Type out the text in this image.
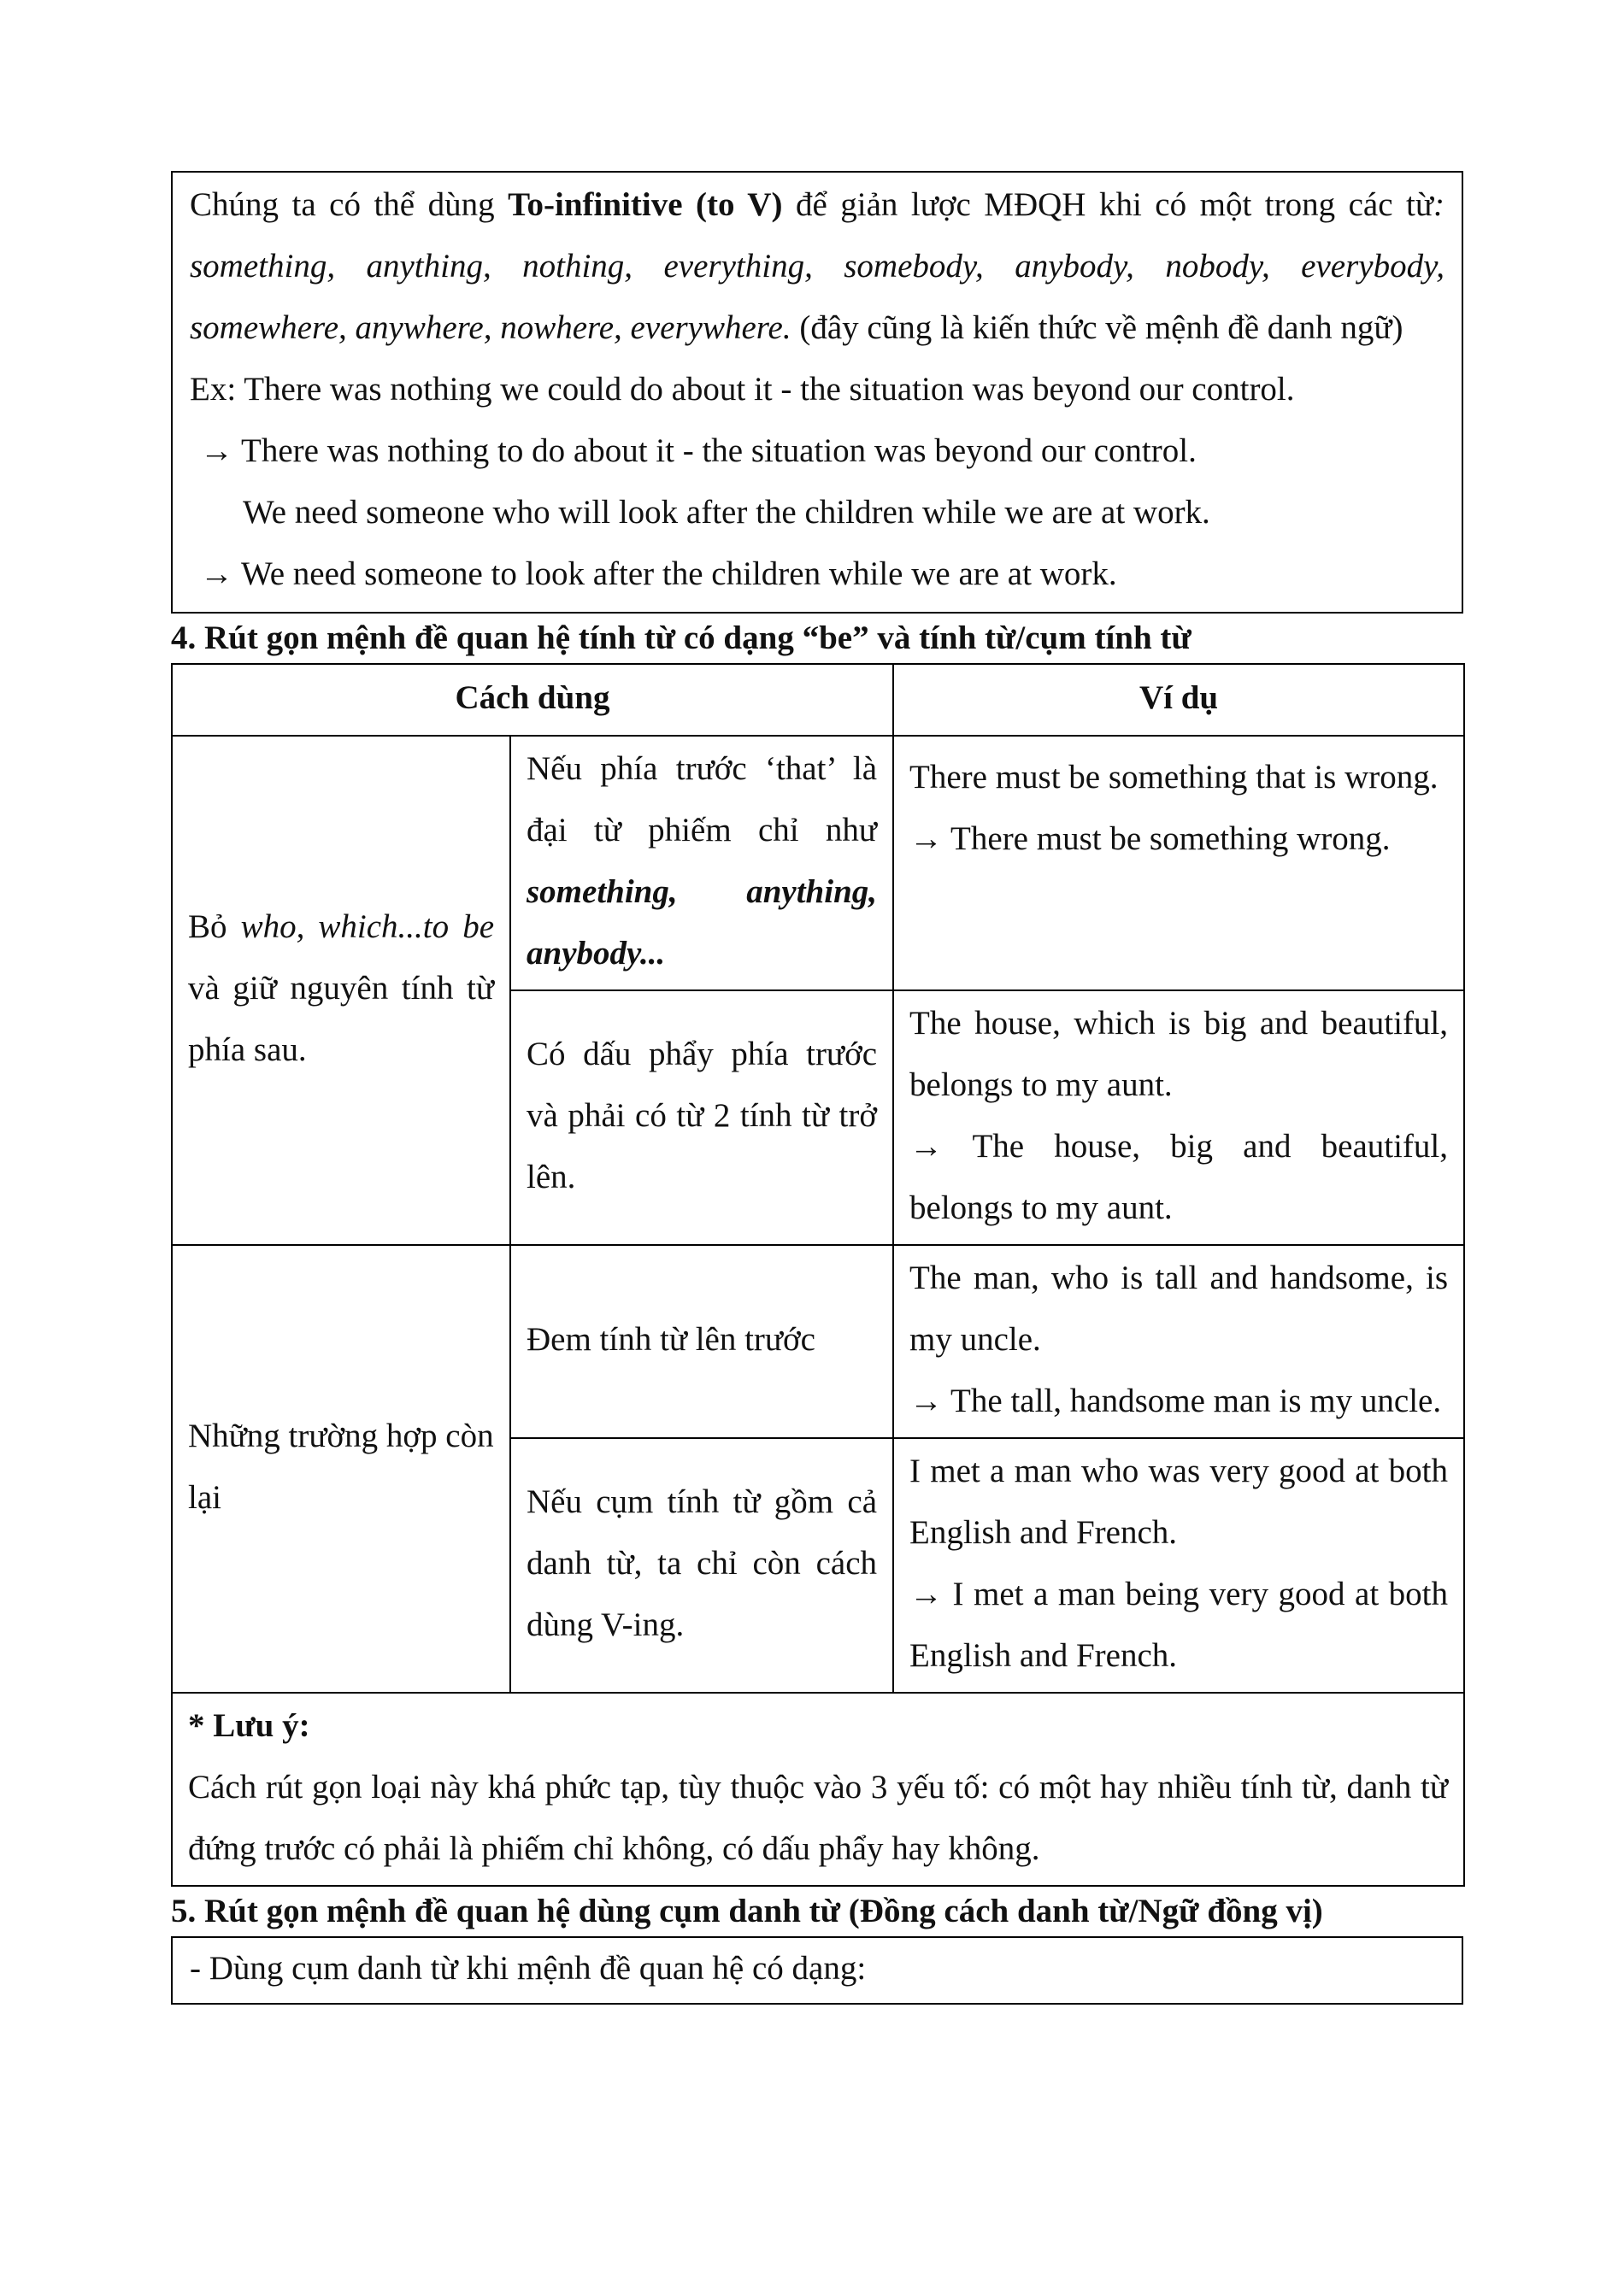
Chúng ta có thể dùng To-infinitive (to V) để giản lược MĐQH khi có một trong các từ: something, anything, nothing, everything, somebody, anybody, nobody, everybody, somewhere, anywhere, nowhere, everywhere. (đây cũng là kiến thức về mệnh đề danh ngữ)

Ex: There was nothing we could do about it - the situation was beyond our control.

→ There was nothing to do about it - the situation was beyond our control.

We need someone who will look after the children while we are at work.

→ We need someone to look after the children while we are at work.

4. Rút gọn mệnh đề quan hệ tính từ có dạng “be” và tính từ/cụm tính từ

Cách dùng		Ví dụ
Bỏ who, which...to be và giữ nguyên tính từ phía sau.	Nếu phía trước ‘that’ là đại từ phiếm chỉ như something, anything, anybody...	There must be something that is wrong.
→ There must be something wrong.

	Có dấu phẩy phía trước và phải có từ 2 tính từ trở lên.	The house, which is big and beautiful, belongs to my aunt.
→ The house, big and beautiful, belongs to my aunt.

Những trường hợp còn lại	Đem tính từ lên trước	The man, who is tall and handsome, is my uncle.
→ The tall, handsome man is my uncle.

	Nếu cụm tính từ gồm cả danh từ, ta chỉ còn cách dùng V-ing.	I met a man who was very good at both English and French.
→ I met a man being very good at both English and French.

* Lưu ý:
Cách rút gọn loại này khá phức tạp, tùy thuộc vào 3 yếu tố: có một hay nhiều tính từ, danh từ đứng trước có phải là phiếm chỉ không, có dấu phẩy hay không.		

5. Rút gọn mệnh đề quan hệ dùng cụm danh từ (Đồng cách danh từ/Ngữ đồng vị)

- Dùng cụm danh từ khi mệnh đề quan hệ có dạng:
